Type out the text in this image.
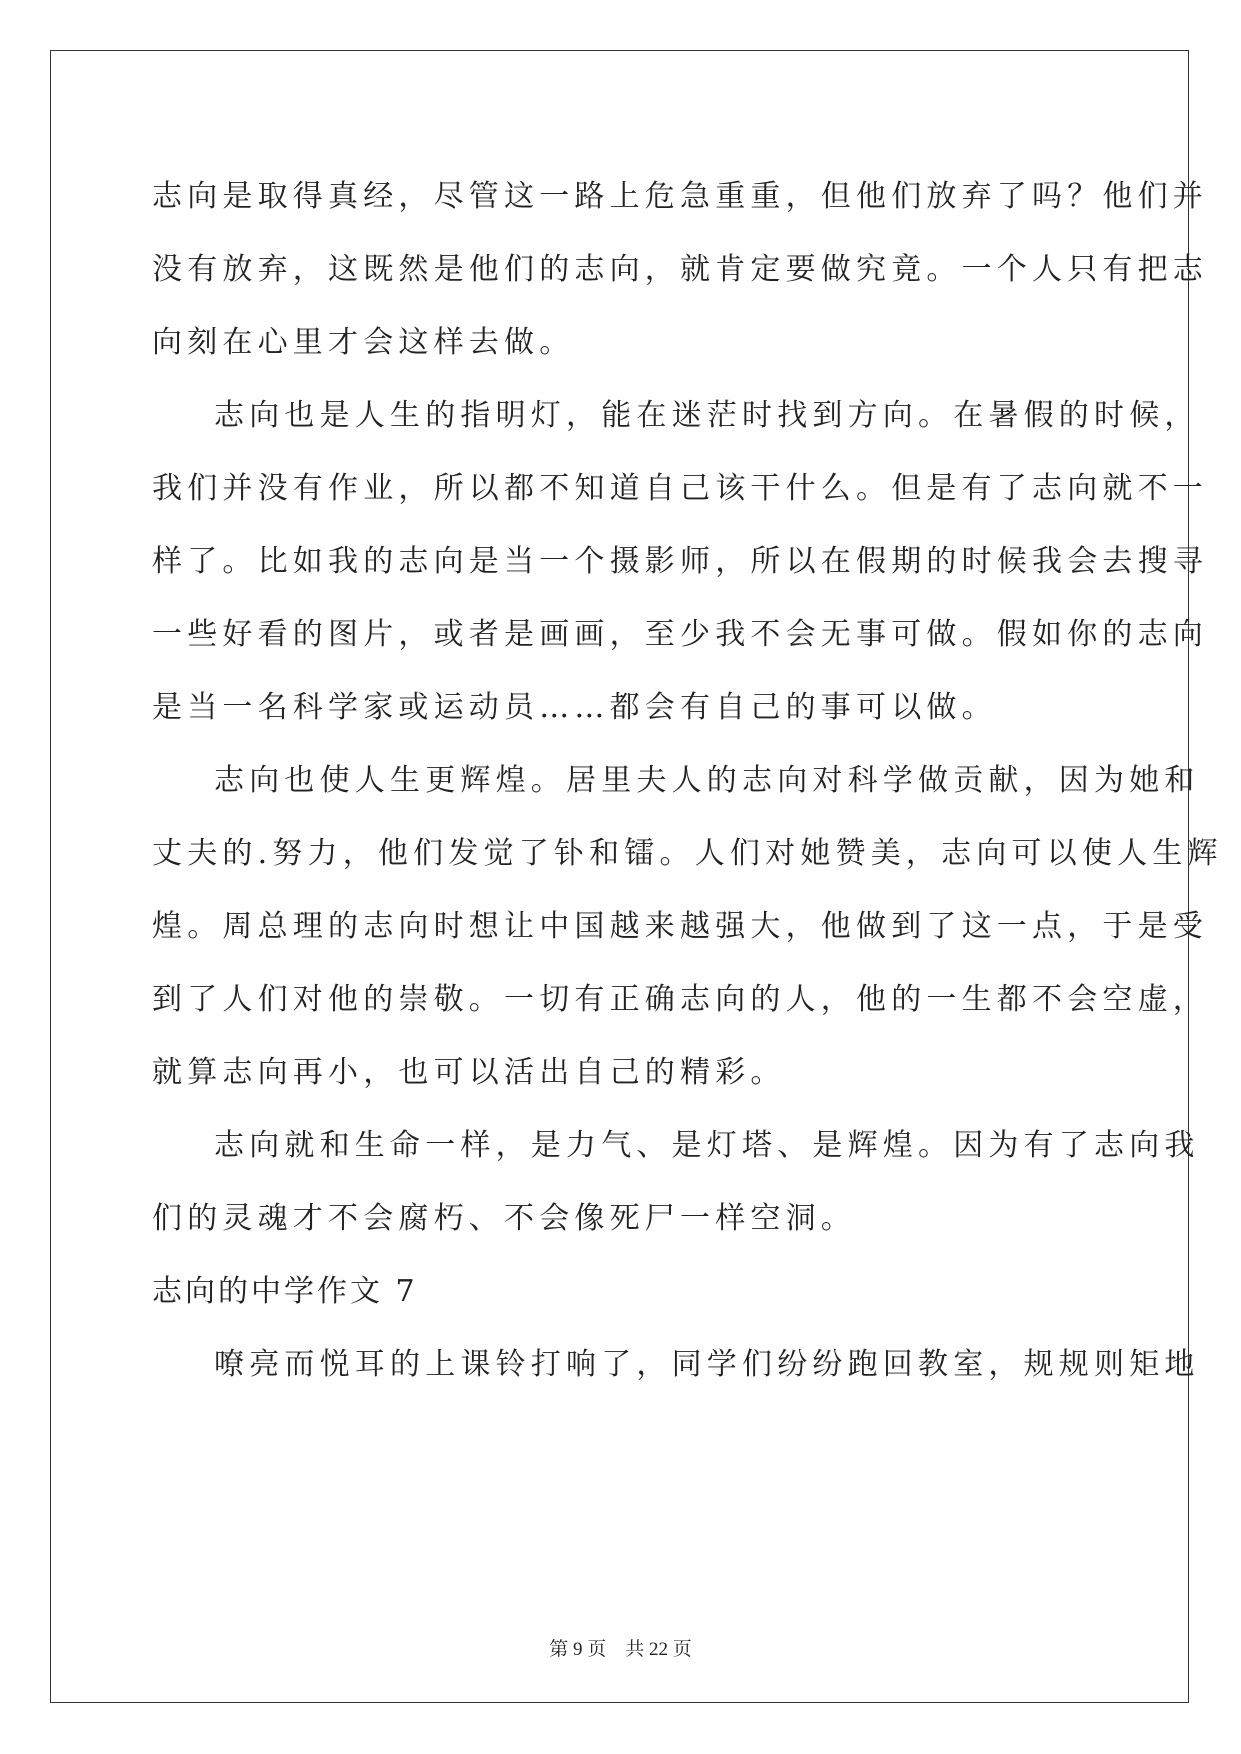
志向是取得真经，尽管这一路上危急重重，但他们放弃了吗？他们并
没有放弃，这既然是他们的志向，就肯定要做究竟。一个人只有把志
向刻在心里才会这样去做。
志向也是人生的指明灯，能在迷茫时找到方向。在暑假的时候，
我们并没有作业，所以都不知道自己该干什么。但是有了志向就不一
样了。比如我的志向是当一个摄影师，所以在假期的时候我会去搜寻
一些好看的图片，或者是画画，至少我不会无事可做。假如你的志向
是当一名科学家或运动员……都会有自己的事可以做。
志向也使人生更辉煌。居里夫人的志向对科学做贡献，因为她和
丈夫的.努力，他们发觉了钋和镭。人们对她赞美，志向可以使人生辉
煌。周总理的志向时想让中国越来越强大，他做到了这一点，于是受
到了人们对他的崇敬。一切有正确志向的人，他的一生都不会空虚，
就算志向再小，也可以活出自己的精彩。
志向就和生命一样，是力气、是灯塔、是辉煌。因为有了志向我
们的灵魂才不会腐朽、不会像死尸一样空洞。
志向的中学作文 7
嘹亮而悦耳的上课铃打响了，同学们纷纷跑回教室，规规则矩地
第 9 页　共 22 页
